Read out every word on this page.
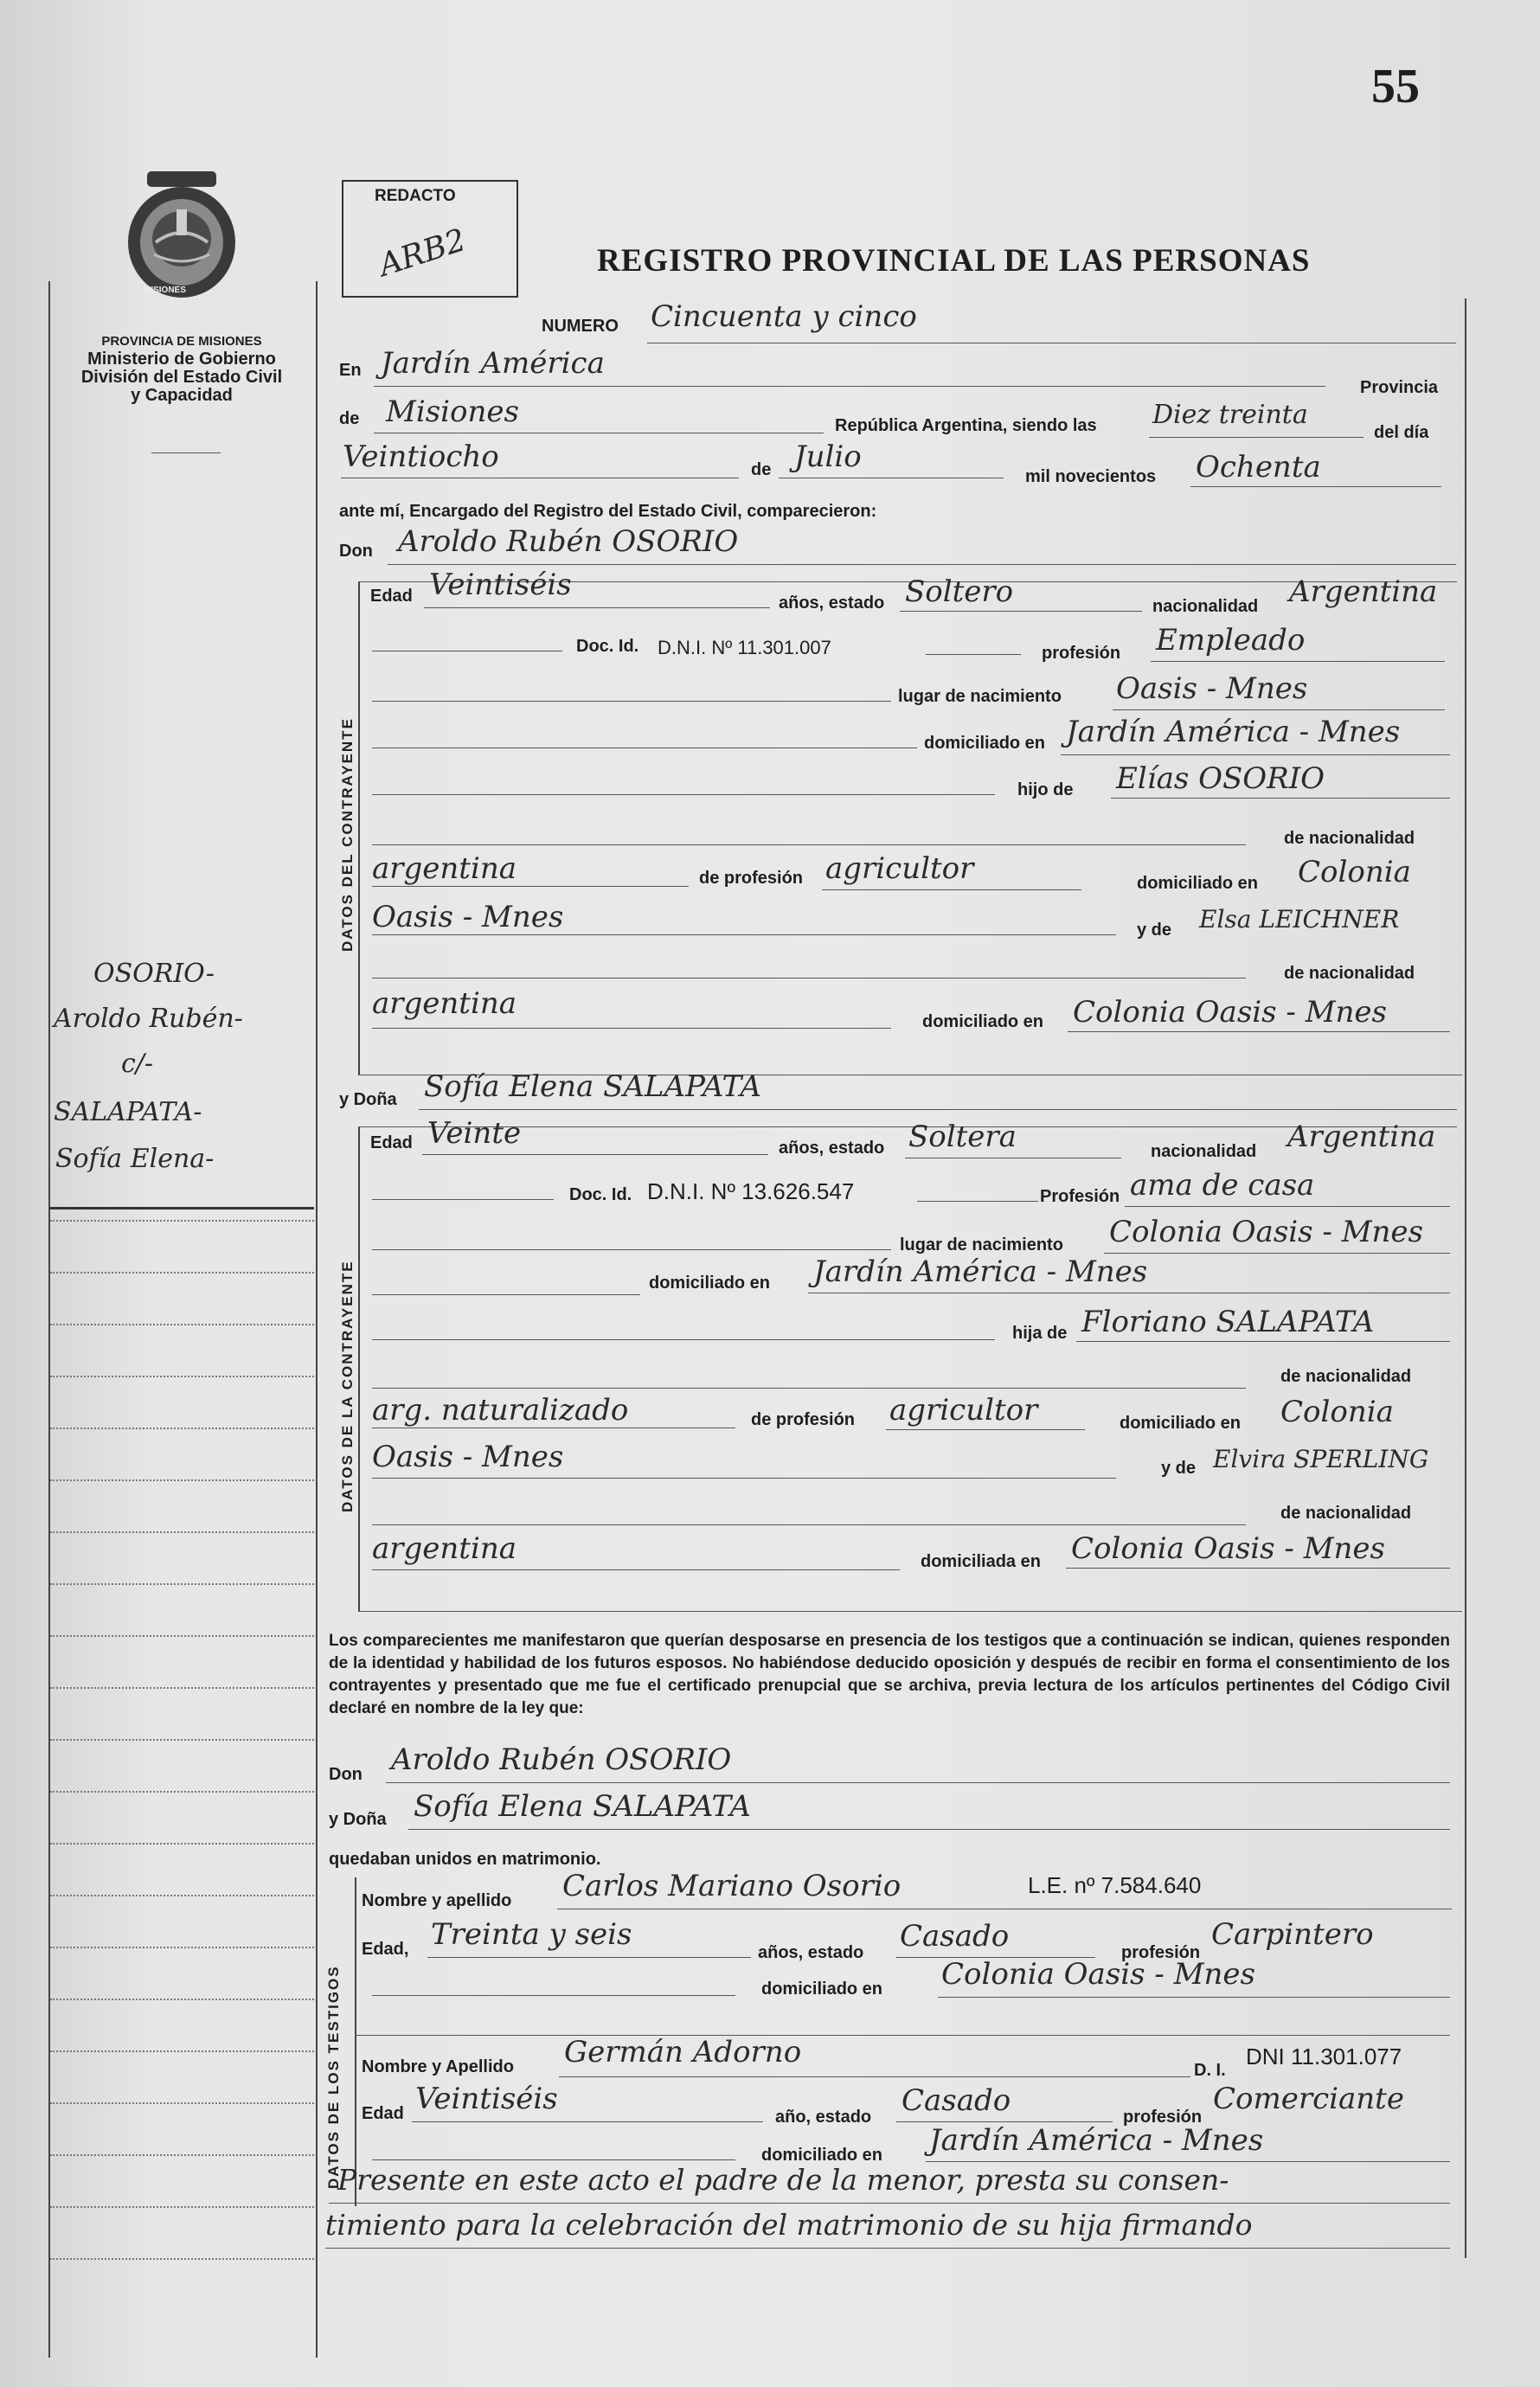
55
MISIONES
PROVINCIA DE MISIONES
Ministerio de Gobierno
División del Estado Civil
y Capacidad
OSORIO-
Aroldo Rubén-
c/-
SALAPATA-
Sofía Elena-
REDACTO
ARB2	REGISTRO PROVINCIAL DE LAS PERSONAS
NUMERO Cincuenta y cinco
En Jardín América
Provincia
de Misiones	República Argentina, siendo las Diez treinta
del día
Veintiocho	de Julio
mil novecientos Ochenta
ante mí, Encargado del Registro del Estado Civil, comparecieron:
Don Aroldo Rubén OSORIO
DATOS DEL CONTRAYENTE
Edad Veintiséis
años, estado Soltero	nacionalidad Argentina
Doc. Id. D.N.I. Nº 11.301.007	profesión Empleado
lugar de nacimiento Oasis - Mnes
domiciliado en Jardín América - Mnes
hijo de Elías OSORIO
de nacionalidad
argentina	de profesión agricultor	domiciliado en Colonia
Oasis - Mnes	y de Elsa LEICHNER
de nacionalidad
argentina
domiciliado en Colonia Oasis - Mnes
y Doña Sofía Elena SALAPATA
DATOS DE LA CONTRAYENTE
Edad Veinte	años, estado Soltera	nacionalidad Argentina
Doc. Id. D.N.I. Nº 13.626.547	Profesión ama de casa
lugar de nacimiento Colonia Oasis - Mnes
domiciliado en Jardín América - Mnes
hija de Floriano SALAPATA
de nacionalidad
arg. naturalizado	de profesión agricultor	domiciliado en Colonia
Oasis - Mnes	y de Elvira SPERLING
de nacionalidad
argentina	domiciliada en Colonia Oasis - Mnes
Los comparecientes me manifestaron que querían desposarse en presencia de los testigos que a continuación se indican, quienes responden de la identidad y habilidad de los futuros esposos. No habiéndose deducido oposición y después de recibir en forma el consentimiento de los contrayentes y presentado que me fue el certificado prenupcial que se archiva, previa lectura de los artículos pertinentes del Código Civil declaré en nombre de la ley que:
Don Aroldo Rubén OSORIO
y Doña Sofía Elena SALAPATA
quedaban unidos en matrimonio.
DATOS DE LOS TESTIGOS
Nombre y apellido Carlos Mariano Osorio	L.E. nº 7.584.640
Edad, Treinta y seis
años, estado Casado	profesión
Carpintero
domiciliado en Colonia Oasis - Mnes
Nombre y Apellido Germán Adorno
D. I.
DNI 11.301.077
Edad Veintiséis
año, estado Casado	profesión
Comerciante
domiciliado en Jardín América - Mnes
Presente en este acto el padre de la menor, presta su consen-
timiento para la celebración del matrimonio de su hija firmando
